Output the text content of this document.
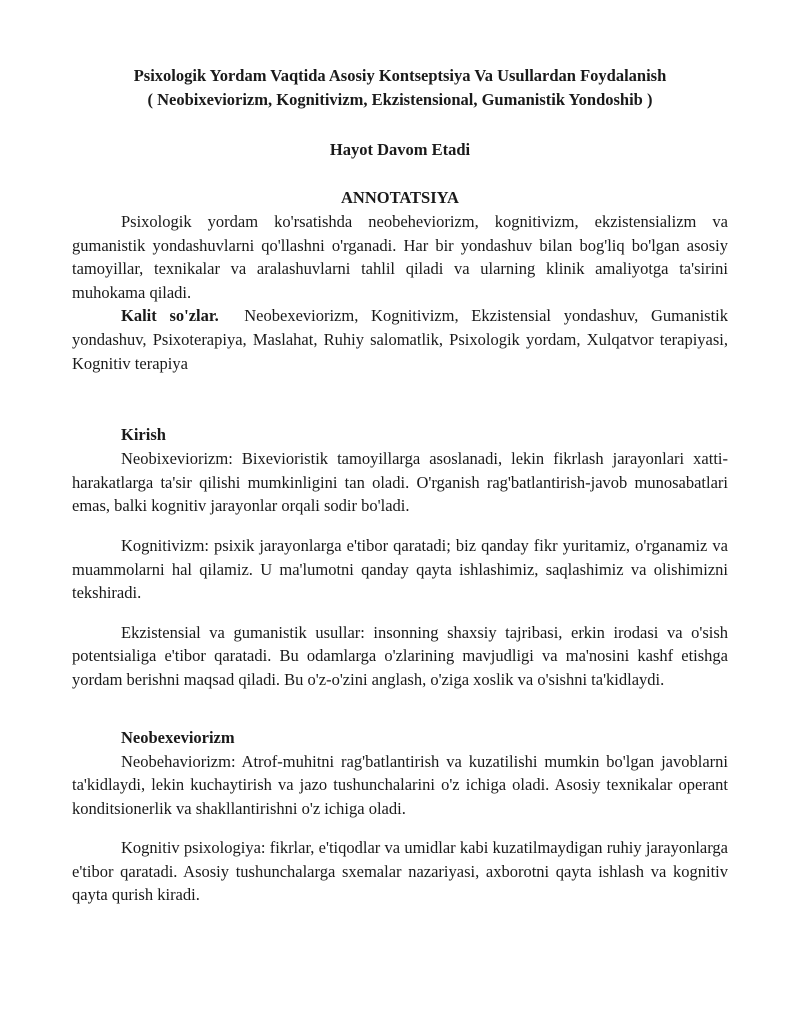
Psixologik Yordam Vaqtida Asosiy Kontseptsiya Va Usullardan Foydalanish
( Neobixeviorizm, Kognitivizm, Ekzistensional, Gumanistik Yondoshib )
Hayot Davom Etadi
ANNOTATSIYA

Psixologik yordam ko'rsatishda neobeheviorizm, kognitivizm, ekzistensializm va gumanistik yondashuvlarni qo'llashni o'rganadi. Har bir yondashuv bilan bog'liq bo'lgan asosiy tamoyillar, texnikalar va aralashuvlarni tahlil qiladi va ularning klinik amaliyotga ta'sirini muhokama qiladi.

Kalit so'zlar. Neobexeviorizm, Kognitivizm, Ekzistensial yondashuv, Gumanistik yondashuv, Psixoterapiya, Maslahat, Ruhiy salomatlik, Psixologik yordam, Xulqatvor terapiyasi, Kognitiv terapiya

Kirish

Neobixeviorizm: Bixevioristik tamoyillarga asoslanadi, lekin fikrlash jarayonlari xatti-harakatlarga ta'sir qilishi mumkinligini tan oladi. O'rganish rag'batlantirish-javob munosabatlari emas, balki kognitiv jarayonlar orqali sodir bo'ladi.

Kognitivizm: psixik jarayonlarga e'tibor qaratadi; biz qanday fikr yuritamiz, o'rganamiz va muammolarni hal qilamiz. U ma'lumotni qanday qayta ishlashimiz, saqlashimiz va olishimizni tekshiradi.

Ekzistensial va gumanistik usullar: insonning shaxsiy tajribasi, erkin irodasi va o'sish potentsialiga e'tibor qaratadi. Bu odamlarga o'zlarining mavjudligi va ma'nosini kashf etishga yordam berishni maqsad qiladi. Bu o'z-o'zini anglash, o'ziga xoslik va o'sishni ta'kidlaydi.

Neobexeviorizm

Neobehaviorizm: Atrof-muhitni rag'batlantirish va kuzatilishi mumkin bo'lgan javoblarni ta'kidlaydi, lekin kuchaytirish va jazo tushunchalarini o'z ichiga oladi. Asosiy texnikalar operant konditsionerlik va shakllantirishni o'z ichiga oladi.

Kognitiv psixologiya: fikrlar, e'tiqodlar va umidlar kabi kuzatilmaydigan ruhiy jarayonlarga e'tibor qaratadi. Asosiy tushunchalarga sxemalar nazariyasi, axborotni qayta ishlash va kognitiv qayta qurish kiradi.
